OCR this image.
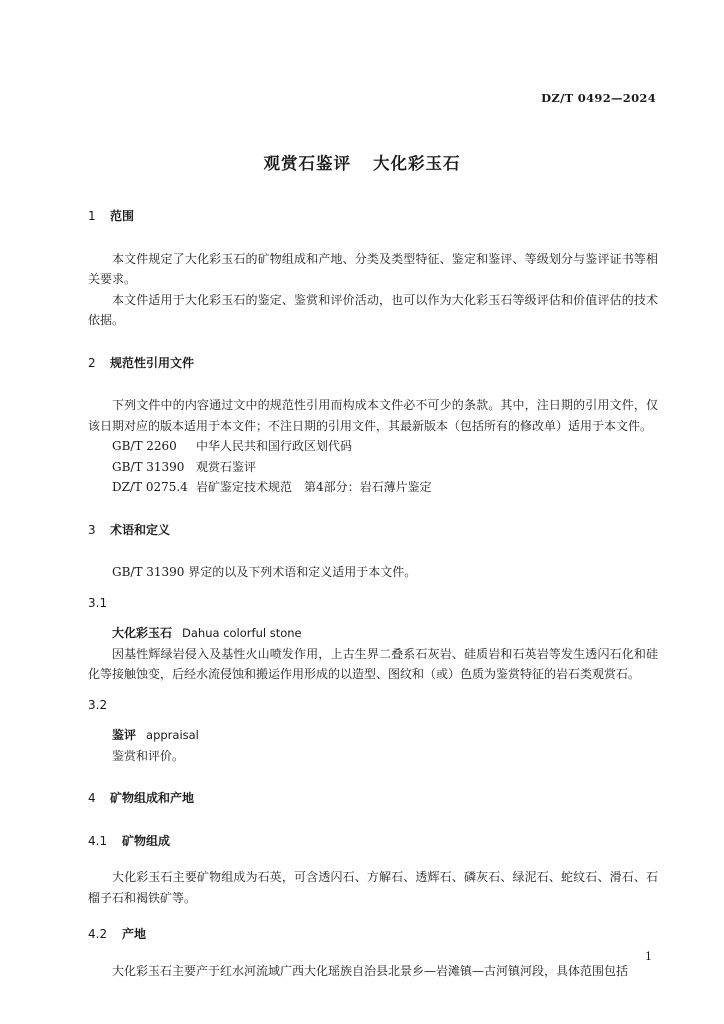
DZ/T 0492—2024
观赏石鉴评 大化彩玉石
1 范围

本文件规定了大化彩玉石的矿物组成和产地、分类及类型特征、鉴定和鉴评、等级划分与鉴评证书等相关要求。

本文件适用于大化彩玉石的鉴定、鉴赏和评价活动，也可以作为大化彩玉石等级评估和价值评估的技术依据。

2 规范性引用文件

下列文件中的内容通过文中的规范性引用而构成本文件必不可少的条款。其中，注日期的引用文件，仅该日期对应的版本适用于本文件；不注日期的引用文件，其最新版本（包括所有的修改单）适用于本文件。

GB/T 2260 中华人民共和国行政区划代码
GB/T 31390 观赏石鉴评
DZ/T 0275.4 岩矿鉴定技术规范　第4部分：岩石薄片鉴定
3 术语和定义

GB/T 31390 界定的以及下列术语和定义适用于本文件。

3.1
大化彩玉石 Dahua colorful stone

因基性辉绿岩侵入及基性火山喷发作用，上古生界二叠系石灰岩、硅质岩和石英岩等发生透闪石化和硅化等接触蚀变，后经水流侵蚀和搬运作用形成的以造型、图纹和（或）色质为鉴赏特征的岩石类观赏石。

3.2
鉴评 appraisal

鉴赏和评价。

4 矿物组成和产地
4.1 矿物组成

大化彩玉石主要矿物组成为石英，可含透闪石、方解石、透辉石、磷灰石、绿泥石、蛇纹石、滑石、石榴子石和褐铁矿等。

4.2 产地

大化彩玉石主要产于红水河流域广西大化瑶族自治县北景乡—岩滩镇—古河镇河段，具体范围包括

1
